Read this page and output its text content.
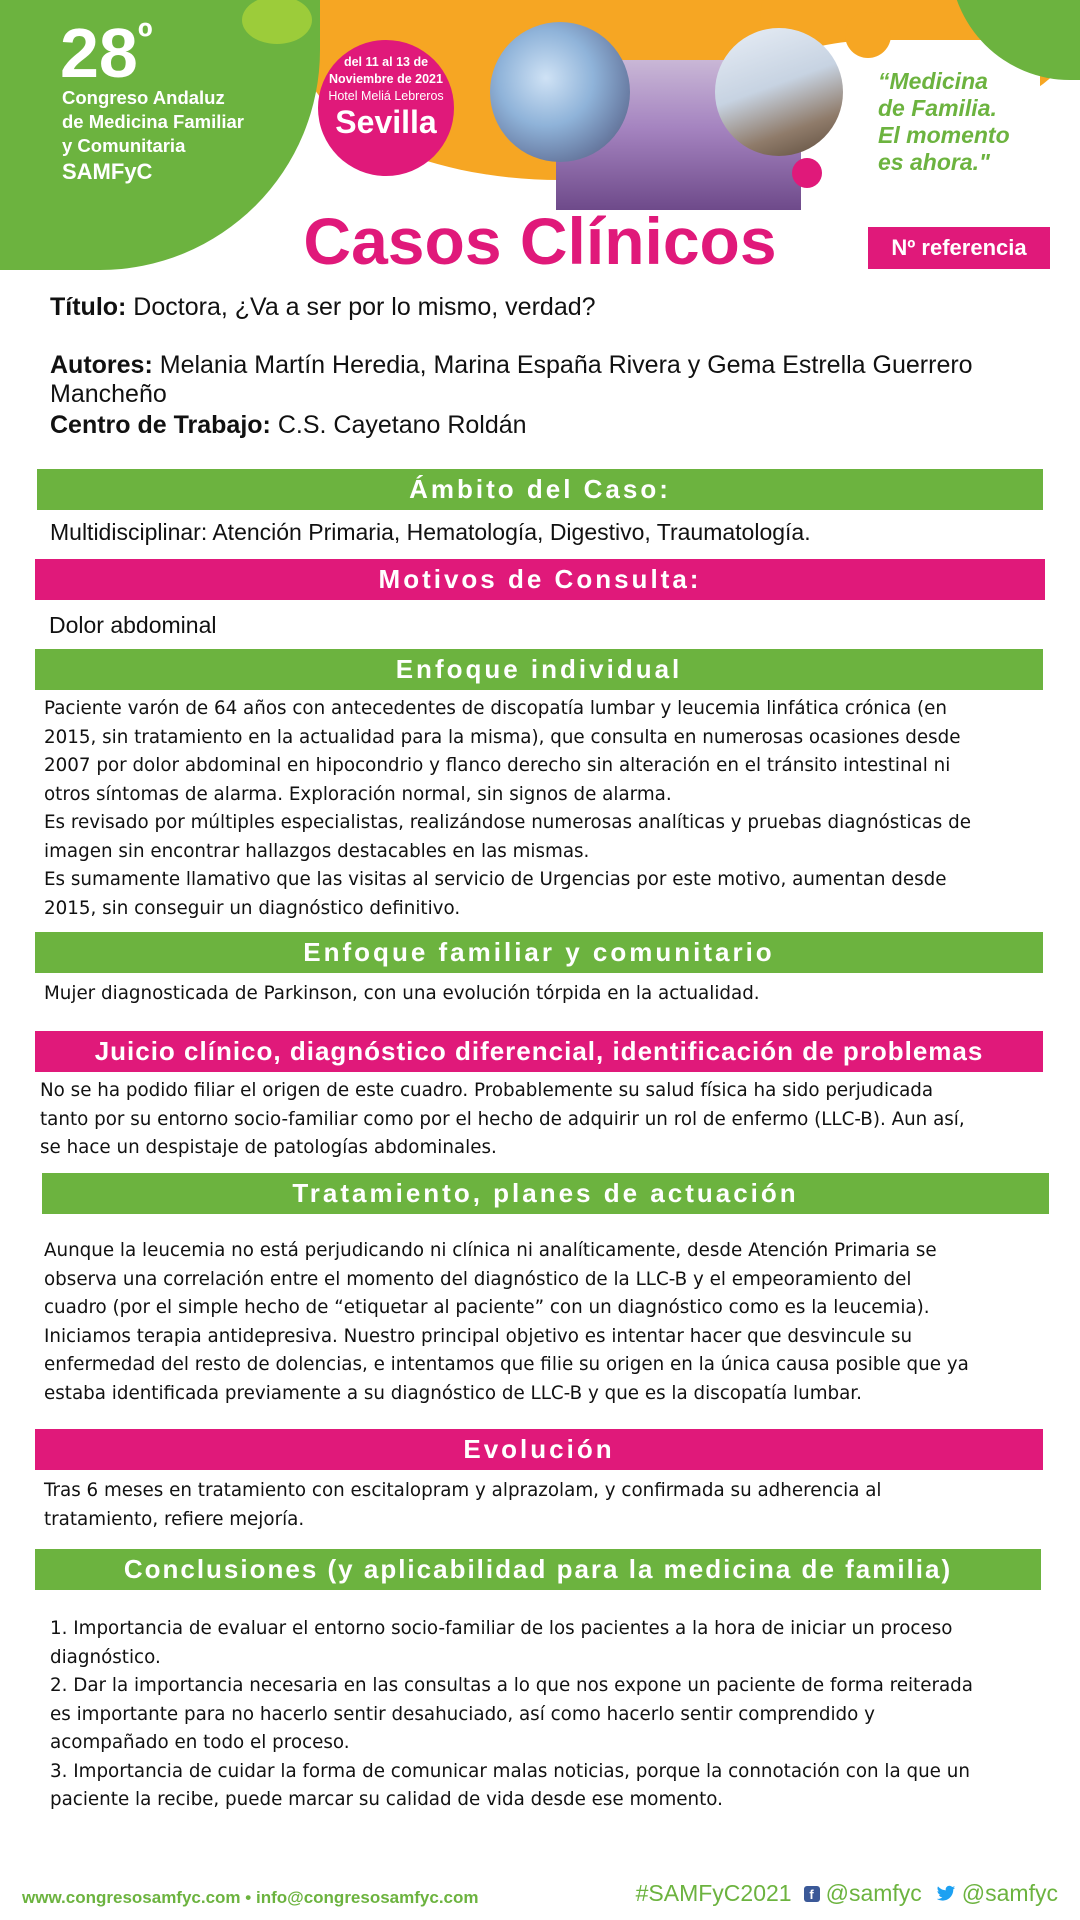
$28^º$
Congreso Andaluz
de Medicina Familiar
y Comunitaria
SAMFyC
del 11 al 13 de
Noviembre de 2021
Hotel Meliá Lebreros
Sevilla
“Medicina
de Familia.
El momento
es ahora."
Casos Clínicos	Nº referencia
Título: Doctora, ¿Va a ser por lo mismo, verdad?
Autores: Melania Martín Heredia, Marina España Rivera y Gema Estrella Guerrero Mancheño
Centro de Trabajo: C.S. Cayetano Roldán
Ámbito del Caso:
Multidisciplinar: Atención Primaria, Hematología, Digestivo, Traumatología.
Motivos de Consulta:
Dolor abdominal
Enfoque individual
Paciente varón de 64 años con antecedentes de discopatía lumbar y leucemia linfática crónica (en
2015, sin tratamiento en la actualidad para la misma), que consulta en numerosas ocasiones desde
2007 por dolor abdominal en hipocondrio y flanco derecho sin alteración en el tránsito intestinal ni
otros síntomas de alarma. Exploración normal, sin signos de alarma.
Es revisado por múltiples especialistas, realizándose numerosas analíticas y pruebas diagnósticas de
imagen sin encontrar hallazgos destacables en las mismas.
Es sumamente llamativo que las visitas al servicio de Urgencias por este motivo, aumentan desde
2015, sin conseguir un diagnóstico definitivo.
Enfoque familiar y comunitario
Mujer diagnosticada de Parkinson, con una evolución tórpida en la actualidad.
Juicio clínico, diagnóstico diferencial, identificación de problemas
No se ha podido filiar el origen de este cuadro. Probablemente su salud física ha sido perjudicada
tanto por su entorno socio-familiar como por el hecho de adquirir un rol de enfermo (LLC-B). Aun así,
se hace un despistaje de patologías abdominales.
Tratamiento, planes de actuación
Aunque la leucemia no está perjudicando ni clínica ni analíticamente, desde Atención Primaria se
observa una correlación entre el momento del diagnóstico de la LLC-B y el empeoramiento del
cuadro (por el simple hecho de “etiquetar al paciente” con un diagnóstico como es la leucemia).
Iniciamos terapia antidepresiva. Nuestro principal objetivo es intentar hacer que desvincule su
enfermedad del resto de dolencias, e intentamos que filie su origen en la única causa posible que ya
estaba identificada previamente a su diagnóstico de LLC-B y que es la discopatía lumbar.
Evolución
Tras 6 meses en tratamiento con escitalopram y alprazolam, y confirmada su adherencia al
tratamiento, refiere mejoría.
Conclusiones (y aplicabilidad para la medicina de familia)
1. Importancia de evaluar el entorno socio-familiar de los pacientes a la hora de iniciar un proceso
diagnóstico.
2. Dar la importancia necesaria en las consultas a lo que nos expone un paciente de forma reiterada
es importante para no hacerlo sentir desahuciado, así como hacerlo sentir comprendido y
acompañado en todo el proceso.
3. Importancia de cuidar la forma de comunicar malas noticias, porque la connotación con la que un
paciente la recibe, puede marcar su calidad de vida desde ese momento.
www.congresosamfyc.com • info@congresosamfyc.com	#SAMFyC2021	f @samfyc @samfyc
